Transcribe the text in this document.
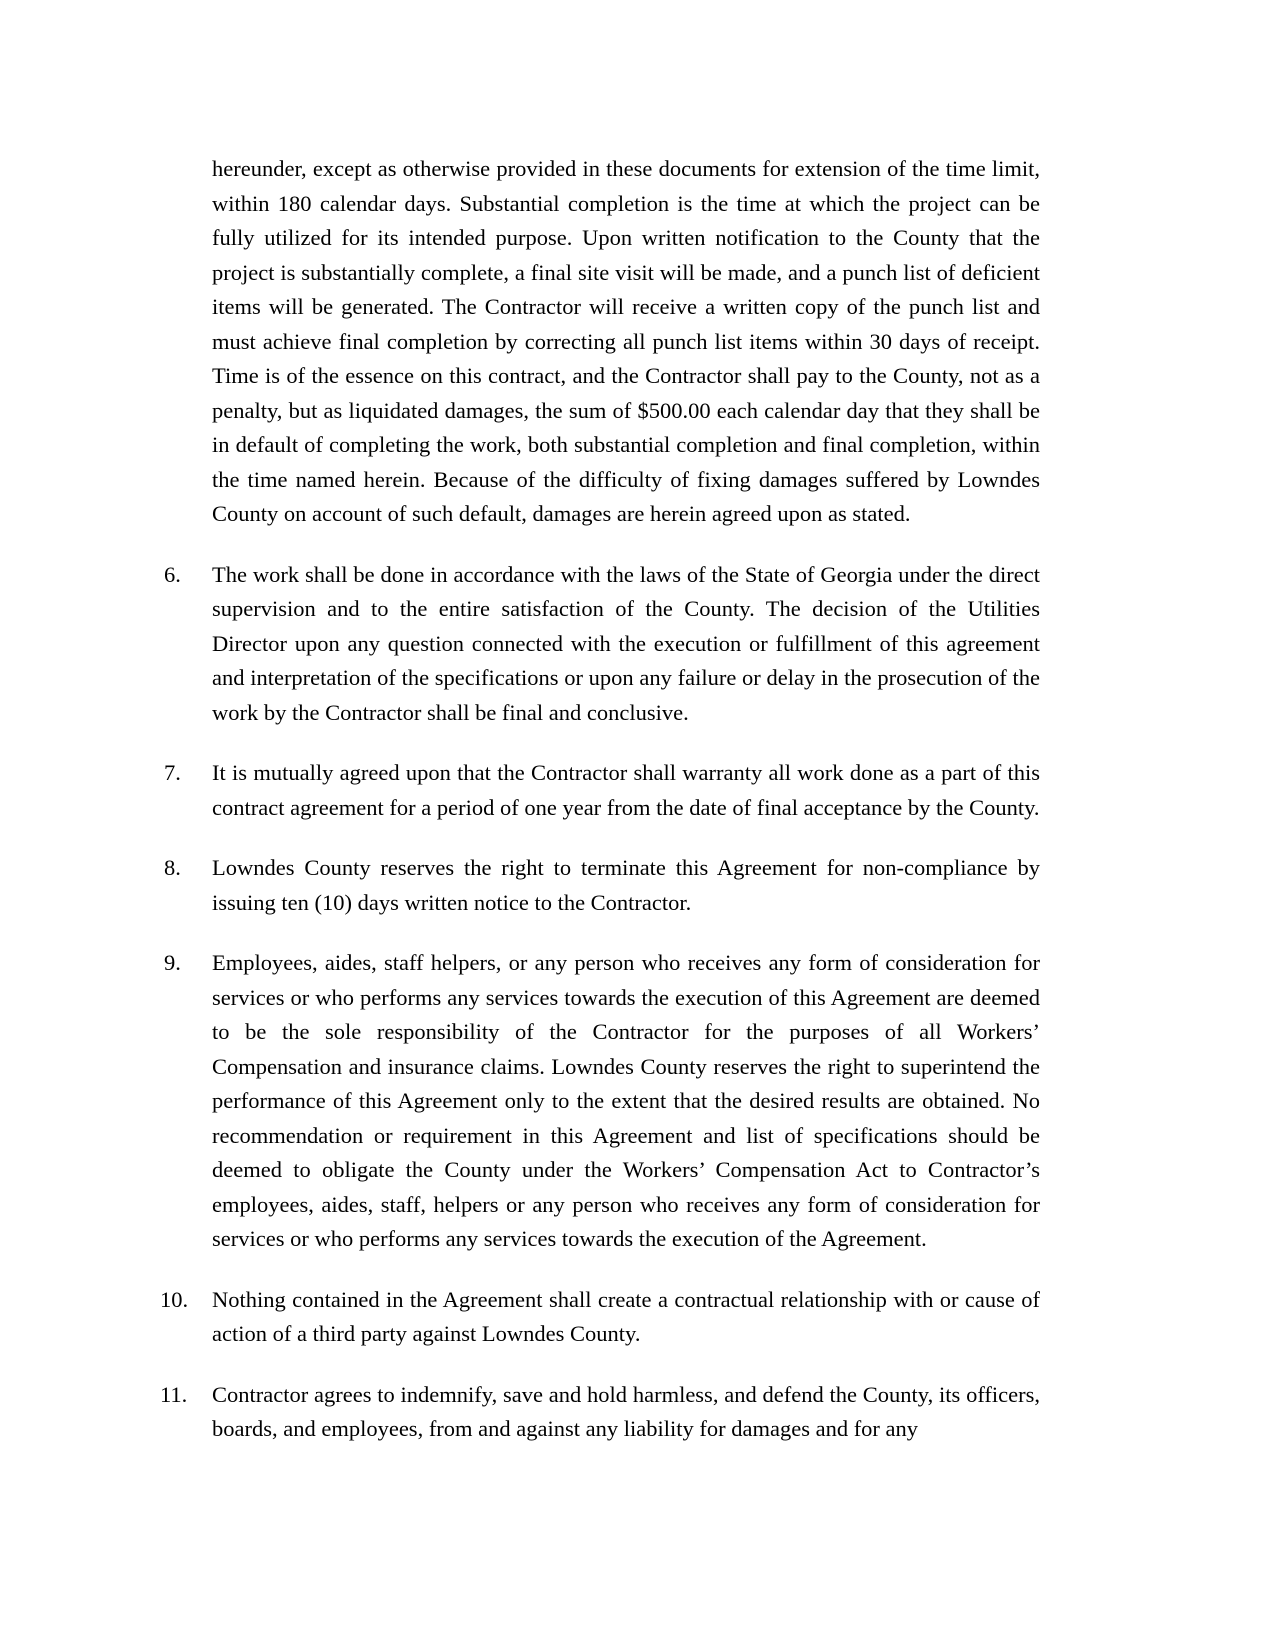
hereunder, except as otherwise provided in these documents for extension of the time limit, within 180 calendar days. Substantial completion is the time at which the project can be fully utilized for its intended purpose. Upon written notification to the County that the project is substantially complete, a final site visit will be made, and a punch list of deficient items will be generated. The Contractor will receive a written copy of the punch list and must achieve final completion by correcting all punch list items within 30 days of receipt. Time is of the essence on this contract, and the Contractor shall pay to the County, not as a penalty, but as liquidated damages, the sum of $500.00 each calendar day that they shall be in default of completing the work, both substantial completion and final completion, within the time named herein. Because of the difficulty of fixing damages suffered by Lowndes County on account of such default, damages are herein agreed upon as stated.
6.	The work shall be done in accordance with the laws of the State of Georgia under the direct supervision and to the entire satisfaction of the County. The decision of the Utilities Director upon any question connected with the execution or fulfillment of this agreement and interpretation of the specifications or upon any failure or delay in the prosecution of the work by the Contractor shall be final and conclusive.
7.	It is mutually agreed upon that the Contractor shall warranty all work done as a part of this contract agreement for a period of one year from the date of final acceptance by the County.
8.	Lowndes County reserves the right to terminate this Agreement for non-compliance by issuing ten (10) days written notice to the Contractor.
9.	Employees, aides, staff helpers, or any person who receives any form of consideration for services or who performs any services towards the execution of this Agreement are deemed to be the sole responsibility of the Contractor for the purposes of all Workers’ Compensation and insurance claims. Lowndes County reserves the right to superintend the performance of this Agreement only to the extent that the desired results are obtained. No recommendation or requirement in this Agreement and list of specifications should be deemed to obligate the County under the Workers’ Compensation Act to Contractor’s employees, aides, staff, helpers or any person who receives any form of consideration for services or who performs any services towards the execution of the Agreement.
10.	Nothing contained in the Agreement shall create a contractual relationship with or cause of action of a third party against Lowndes County.
11.	Contractor agrees to indemnify, save and hold harmless, and defend the County, its officers, boards, and employees, from and against any liability for damages and for any
